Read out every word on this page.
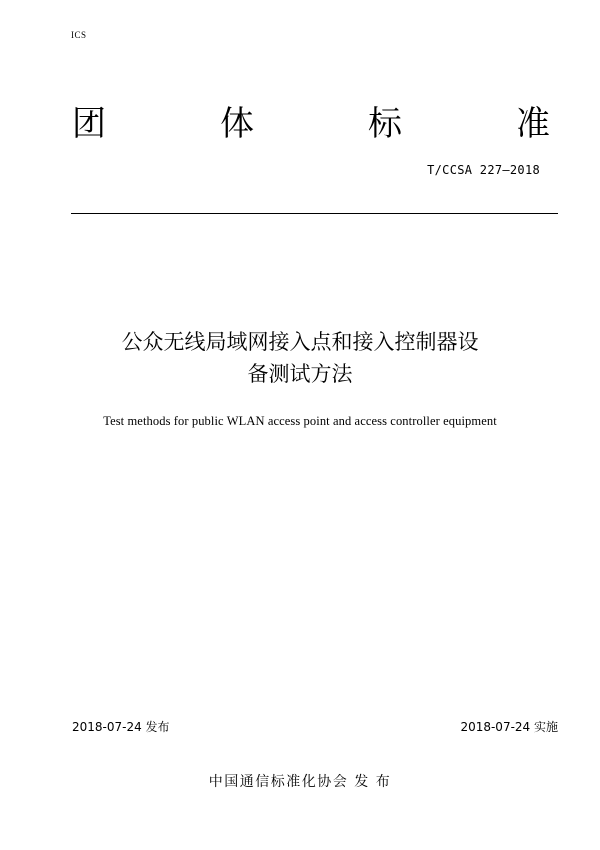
ICS
团	体	标	准
T/CCSA 227—2018
公众无线局域网接入点和接入控制器设
备测试方法
Test methods for public WLAN access point and access controller equipment
2018-07-24 发布	2018-07-24 实施
中国通信标准化协会 发 布
